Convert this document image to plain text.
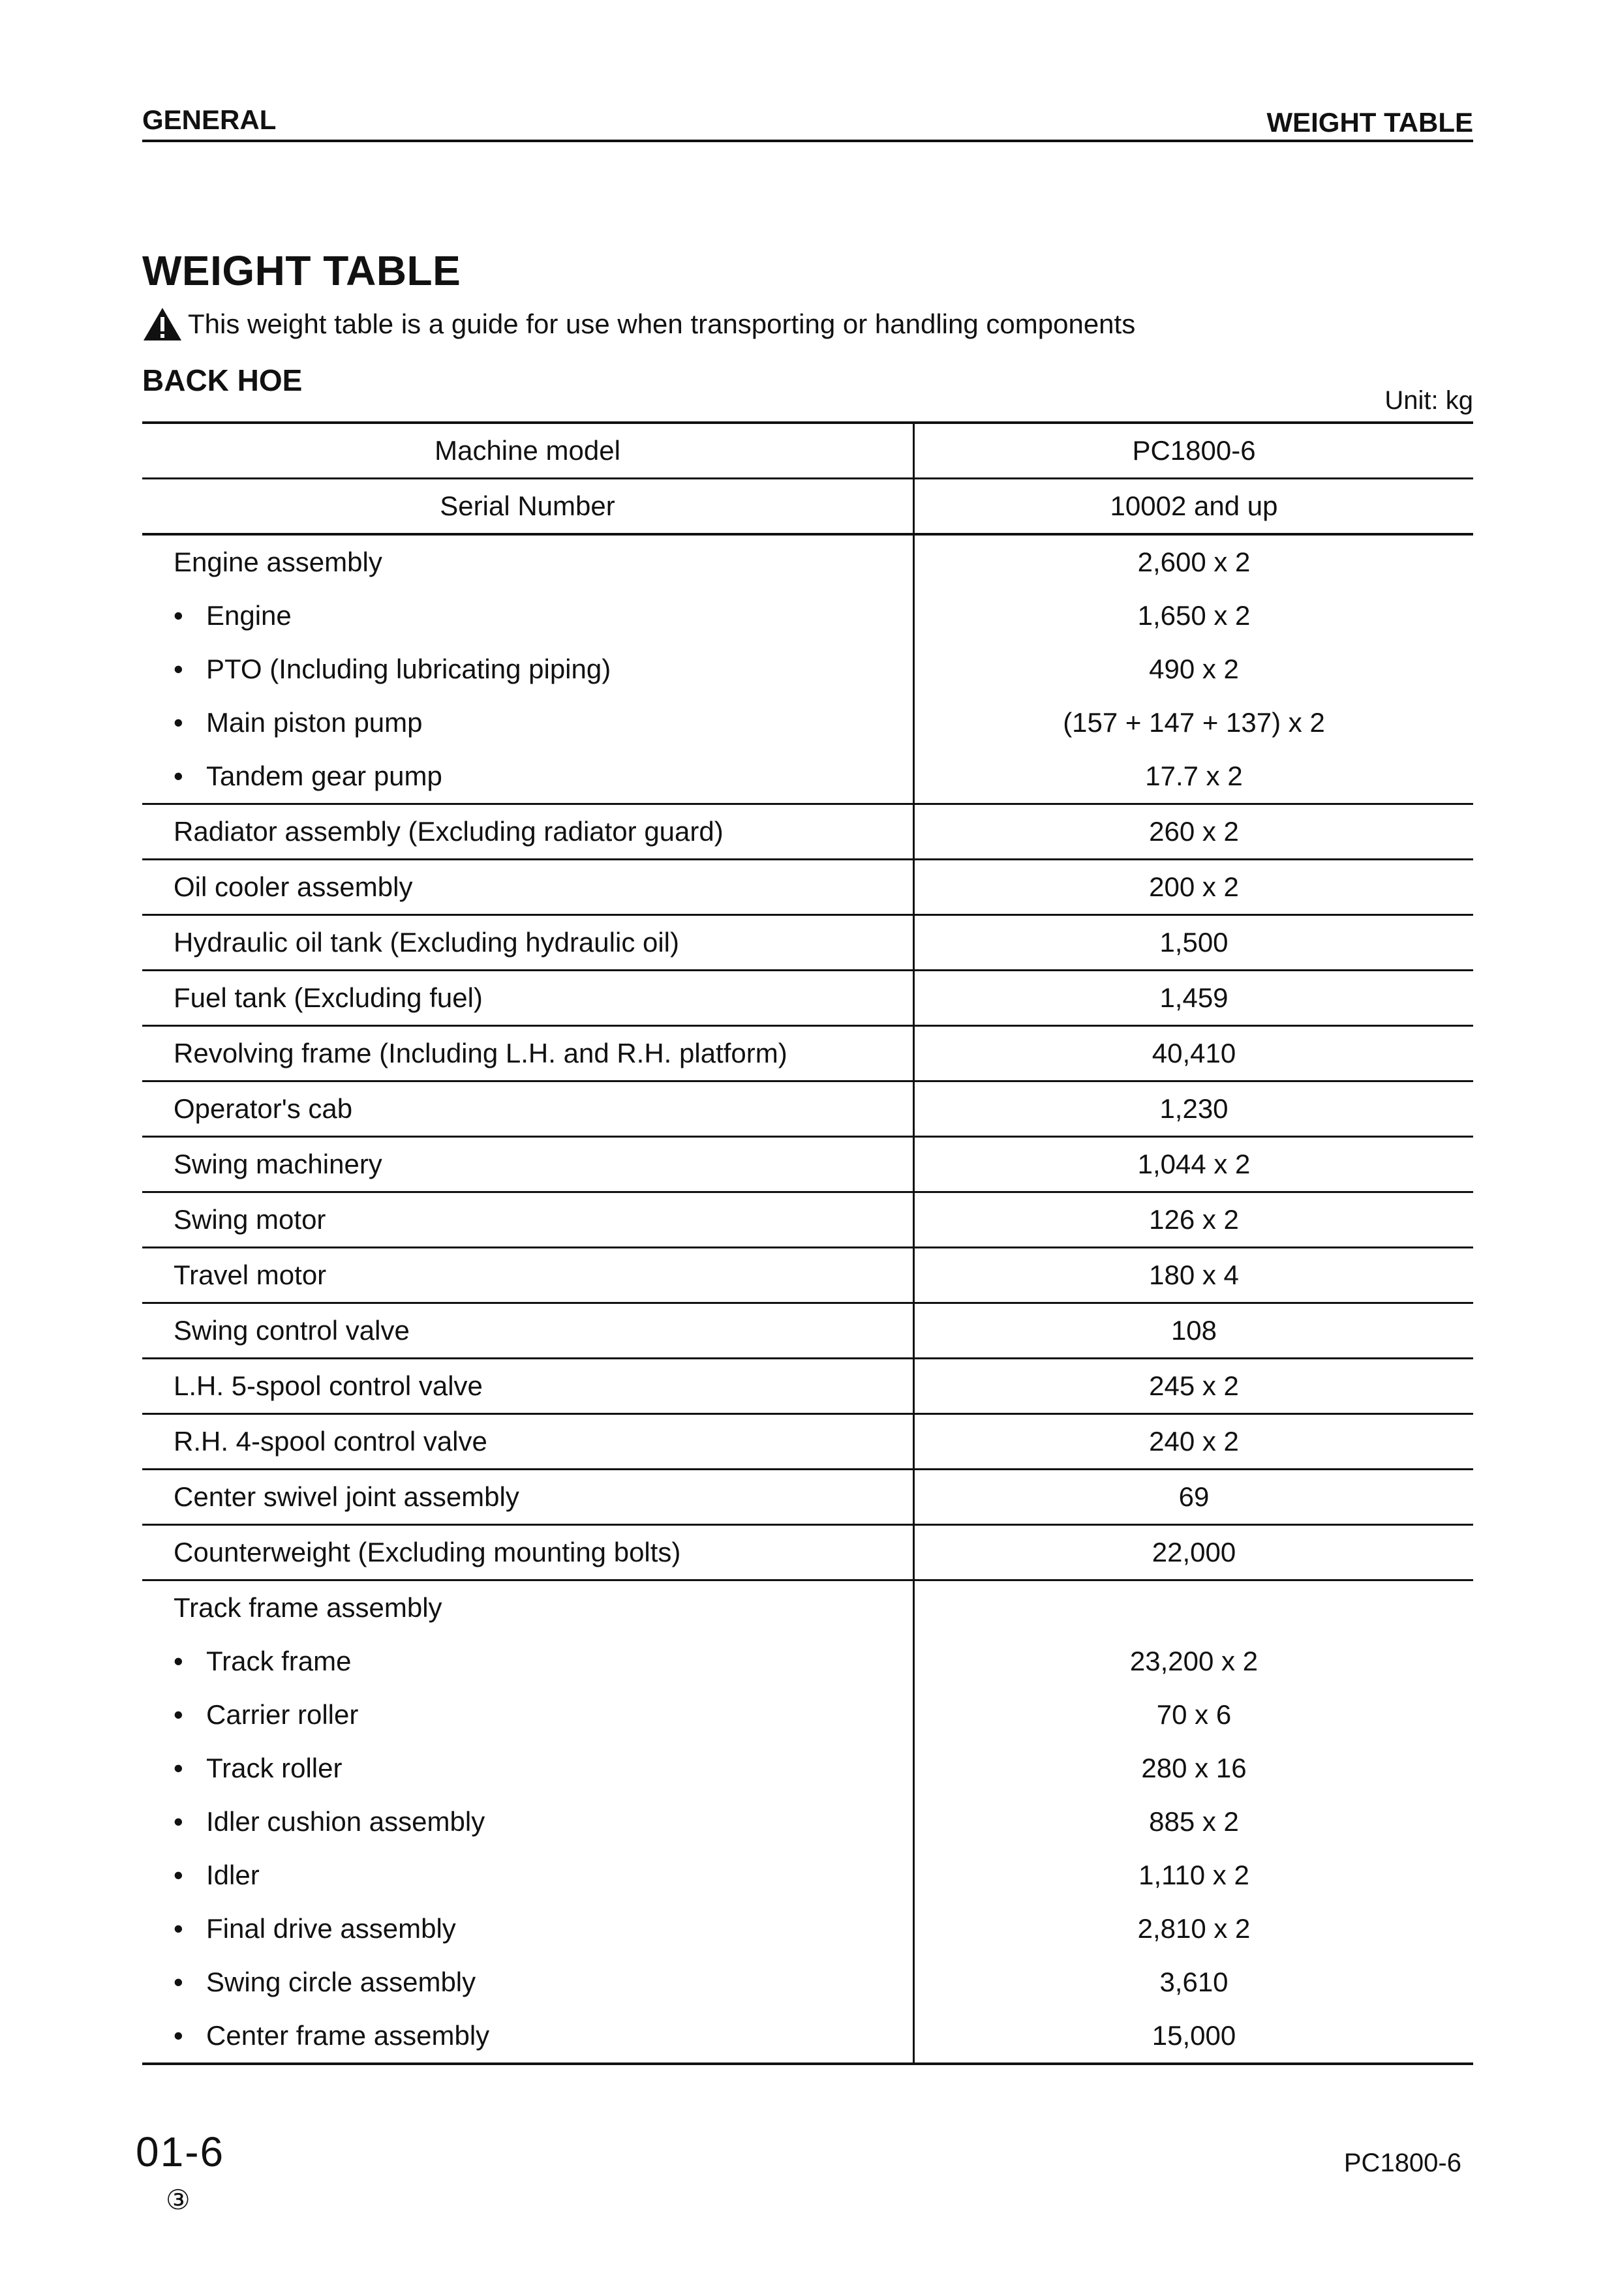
GENERAL	WEIGHT TABLE
WEIGHT TABLE
This weight table is a guide for use when transporting or handling components
BACK HOE
Unit: kg
Machine model	PC1800-6
Serial Number	10002 and up
Engine assembly	2,600 x 2
• Engine	1,650 x 2
• PTO (Including lubricating piping)	490 x 2
• Main piston pump	(157 + 147 + 137) x 2
• Tandem gear pump	17.7 x 2
Radiator assembly (Excluding radiator guard)	260 x 2
Oil cooler assembly	200 x 2
Hydraulic oil tank (Excluding hydraulic oil)	1,500
Fuel tank (Excluding fuel)	1,459
Revolving frame (Including L.H. and R.H. platform)	40,410
Operator's cab	1,230
Swing machinery	1,044 x 2
Swing motor	126 x 2
Travel motor	180 x 4
Swing control valve	108
L.H. 5-spool control valve	245 x 2
R.H. 4-spool control valve	240 x 2
Center swivel joint assembly	69
Counterweight (Excluding mounting bolts)	22,000
Track frame assembly	
• Track frame	23,200 x 2
• Carrier roller	70 x 6
• Track roller	280 x 16
• Idler cushion assembly	885 x 2
• Idler	1,110 x 2
• Final drive assembly	2,810 x 2
• Swing circle assembly	3,610
• Center frame assembly	15,000
01-6
③
PC1800-6
